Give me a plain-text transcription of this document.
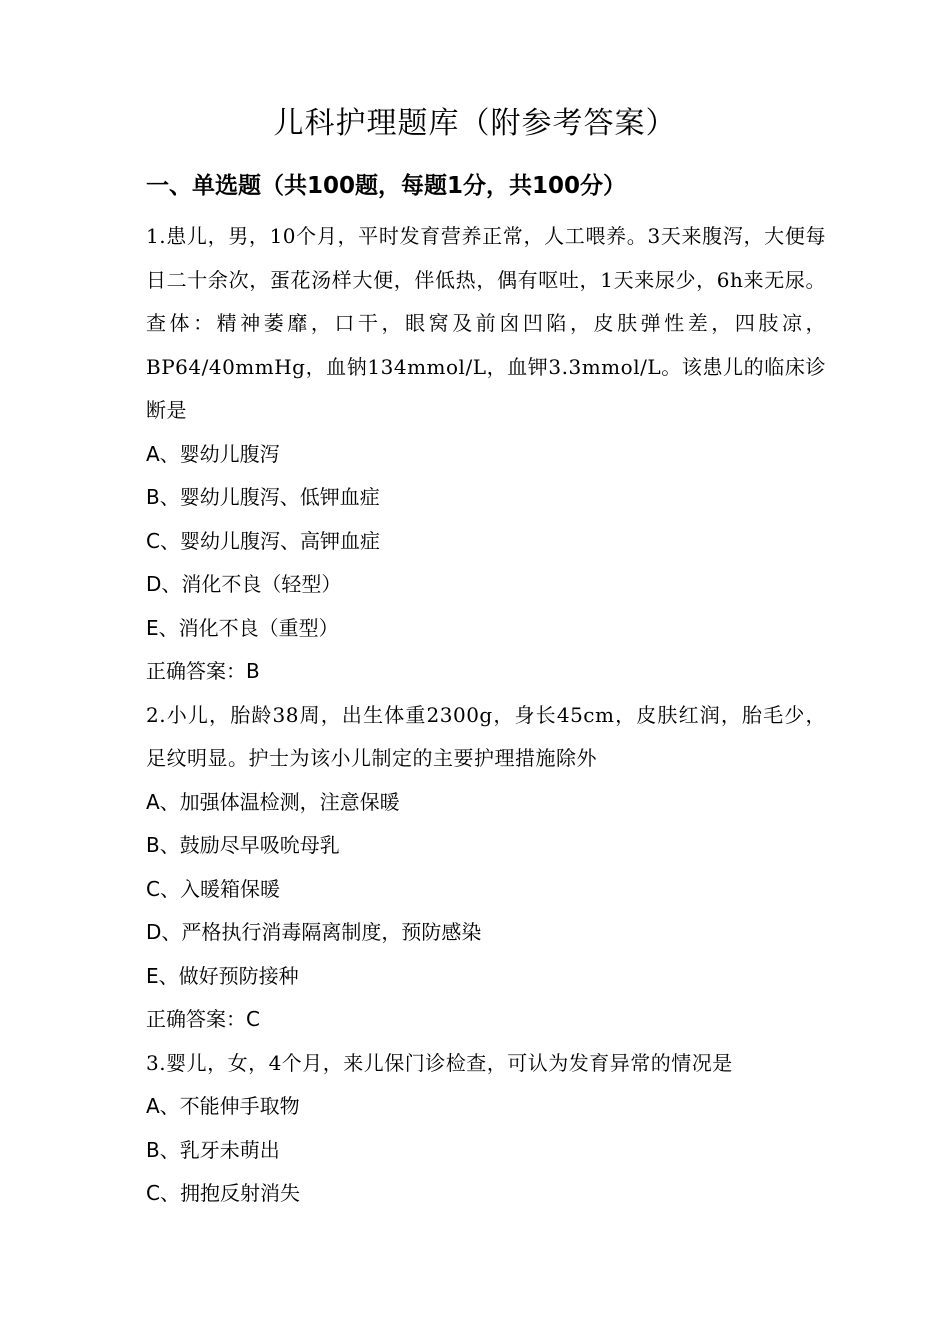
儿科护理题库（附参考答案）
一、单选题（共100题，每题1分，共100分）
1.患儿，男，10个月，平时发育营养正常，人工喂养。3天来腹泻，大便每日二十余次，蛋花汤样大便，伴低热，偶有呕吐，1天来尿少，6h来无尿。查体：精神萎靡，口干，眼窝及前囟凹陷，皮肤弹性差，四肢凉，BP64/40mmHg，血钠134mmol/L，血钾3.3mmol/L。该患儿的临床诊断是
A、婴幼儿腹泻
B、婴幼儿腹泻、低钾血症
C、婴幼儿腹泻、高钾血症
D、消化不良（轻型）
E、消化不良（重型）
正确答案：B
2.小儿，胎龄38周，出生体重2300g，身长45cm，皮肤红润，胎毛少，足纹明显。护士为该小儿制定的主要护理措施除外
A、加强体温检测，注意保暖
B、鼓励尽早吸吮母乳
C、入暖箱保暖
D、严格执行消毒隔离制度，预防感染
E、做好预防接种
正确答案：C
3.婴儿，女，4个月，来儿保门诊检查，可认为发育异常的情况是
A、不能伸手取物
B、乳牙未萌出
C、拥抱反射消失
